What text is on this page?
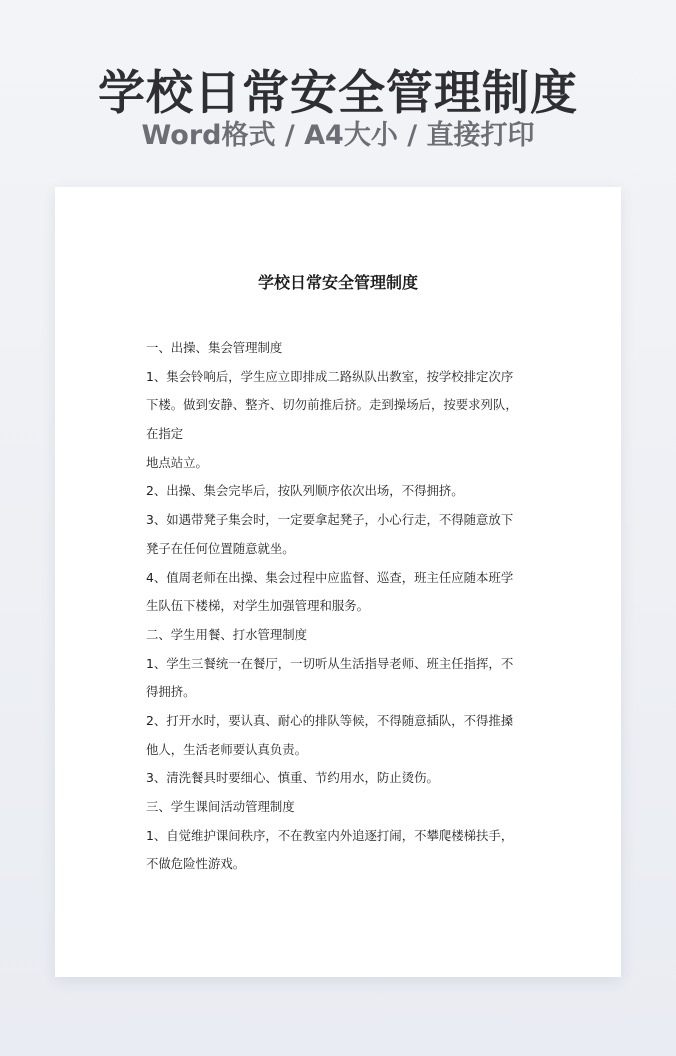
学校日常安全管理制度
Word格式 / A4大小 / 直接打印
学校日常安全管理制度
一、出操、集会管理制度
1、集会铃响后，学生应立即排成二路纵队出教室，按学校排定次序
下楼。做到安静、整齐、切勿前推后挤。走到操场后，按要求列队，
在指定
地点站立。
2、出操、集会完毕后，按队列顺序依次出场，不得拥挤。
3、如遇带凳子集会时，一定要拿起凳子，小心行走，不得随意放下
凳子在任何位置随意就坐。
4、值周老师在出操、集会过程中应监督、巡查，班主任应随本班学
生队伍下楼梯，对学生加强管理和服务。
二、学生用餐、打水管理制度
1、学生三餐统一在餐厅，一切听从生活指导老师、班主任指挥，不
得拥挤。
2、打开水时，要认真、耐心的排队等候，不得随意插队，不得推搡
他人，生活老师要认真负责。
3、清洗餐具时要细心、慎重、节约用水，防止烫伤。
三、学生课间活动管理制度
1、自觉维护课间秩序，不在教室内外追逐打闹，不攀爬楼梯扶手，
不做危险性游戏。
